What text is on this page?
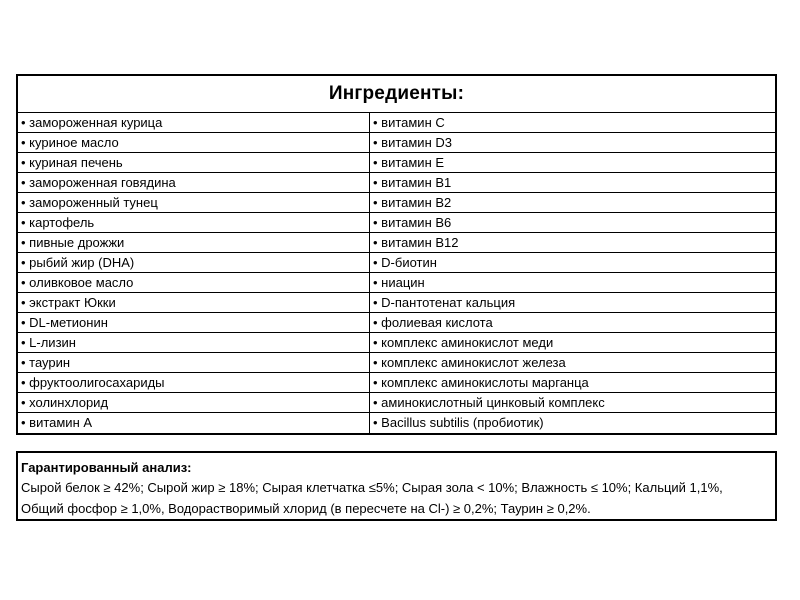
Ингредиенты:
• замороженная курица	• витамин C
• куриное масло	• витамин D3
• куриная печень	• витамин E
• замороженная говядина	• витамин B1
• замороженный тунец	• витамин B2
• картофель	• витамин B6
• пивные дрожжи	• витамин B12
• рыбий жир (DHA)	• D-биотин
• оливковое масло	• ниацин
• экстракт Юкки	• D-пантотенат кальция
• DL-метионин	• фолиевая кислота
• L-лизин	• комплекс аминокислот меди
• таурин	• комплекс аминокислот железа
• фруктоолигосахариды	• комплекс аминокислоты марганца
• холинхлорид	• аминокислотный цинковый комплекс
• витамин А	• Bacillus subtilis (пробиотик)
Гарантированный анализ:
Сырой белок ≥ 42%; Сырой жир ≥ 18%; Сырая клетчатка ≤5%; Сырая зола < 10%; Влажность ≤ 10%; Кальций 1,1%,
Общий фосфор ≥ 1,0%, Водорастворимый хлорид (в пересчете на Cl-) ≥ 0,2%; Таурин ≥ 0,2%.
